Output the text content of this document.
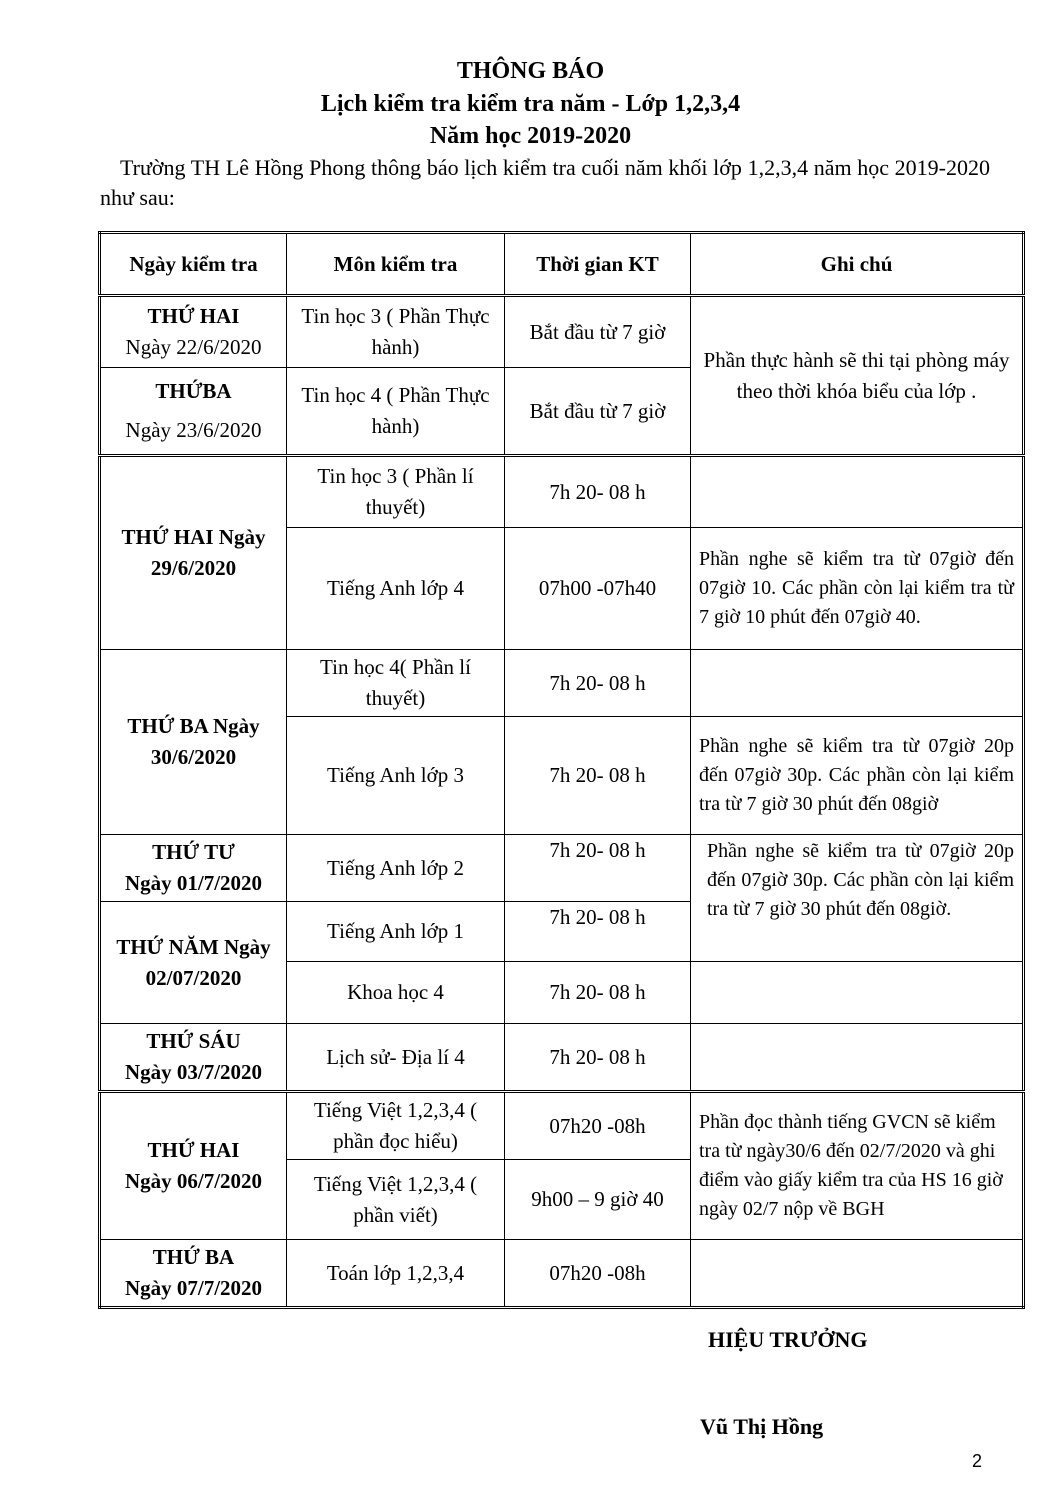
THÔNG BÁO
Lịch kiểm tra kiểm tra năm - Lớp 1,2,3,4
Năm học 2019-2020
Trường TH Lê Hồng Phong thông báo lịch kiểm tra cuối năm khối lớp 1,2,3,4 năm học 2019-2020 như sau:
Ngày kiểm tra	Môn kiểm tra	Thời gian KT	Ghi chú

THỨ HAI
Ngày 22/6/2020	Tin học 3 ( Phần Thực hành)	Bắt đầu từ 7 giờ	Phần thực hành sẽ thi tại phòng máy theo thời khóa biểu của lớp .

THỨBA
Ngày 23/6/2020	Tin học 4 ( Phần Thực hành)	Bắt đầu từ 7 giờ	
THỨ HAI Ngày 29/6/2020	Tin học 3 ( Phần lí thuyết)	7h 20- 08 h	
	Tiếng Anh lớp 4	07h00 -07h40	Phần nghe sẽ kiểm tra từ 07giờ đến 07giờ 10. Các phần còn lại kiểm tra từ 7 giờ 10 phút đến 07giờ 40.
THỨ BA Ngày 30/6/2020	Tin học 4( Phần lí thuyết)	7h 20- 08 h	
	Tiếng Anh lớp 3	7h 20- 08 h	Phần nghe sẽ kiểm tra từ 07giờ 20p đến 07giờ 30p. Các phần còn lại kiểm tra từ 7 giờ 30 phút đến 08giờ

THỨ TƯ
Ngày 01/7/2020	Tiếng Anh lớp 2	7h 20- 08 h	Phần nghe sẽ kiểm tra từ 07giờ 20p đến 07giờ 30p. Các phần còn lại kiểm tra từ 7 giờ 30 phút đến 08giờ.
THỨ NĂM Ngày 02/07/2020	Tiếng Anh lớp 1	7h 20- 08 h	
	Khoa học 4	7h 20- 08 h	

THỨ SÁU
Ngày 03/7/2020	Lịch sử- Địa lí 4	7h 20- 08 h	

THỨ HAI
Ngày 06/7/2020	Tiếng Việt 1,2,3,4 ( phần đọc hiểu)	07h20 -08h	Phần đọc thành tiếng GVCN sẽ kiểm tra từ ngày30/6 đến 02/7/2020 và ghi điểm vào giấy kiểm tra của HS 16 giờ ngày 02/7 nộp về BGH
	Tiếng Việt 1,2,3,4 ( phần viết)	9h00 – 9 giờ 40	

THỨ BA
Ngày 07/7/2020	Toán lớp 1,2,3,4	07h20 -08h	
HIỆU TRƯỞNG
Vũ Thị Hồng
2
